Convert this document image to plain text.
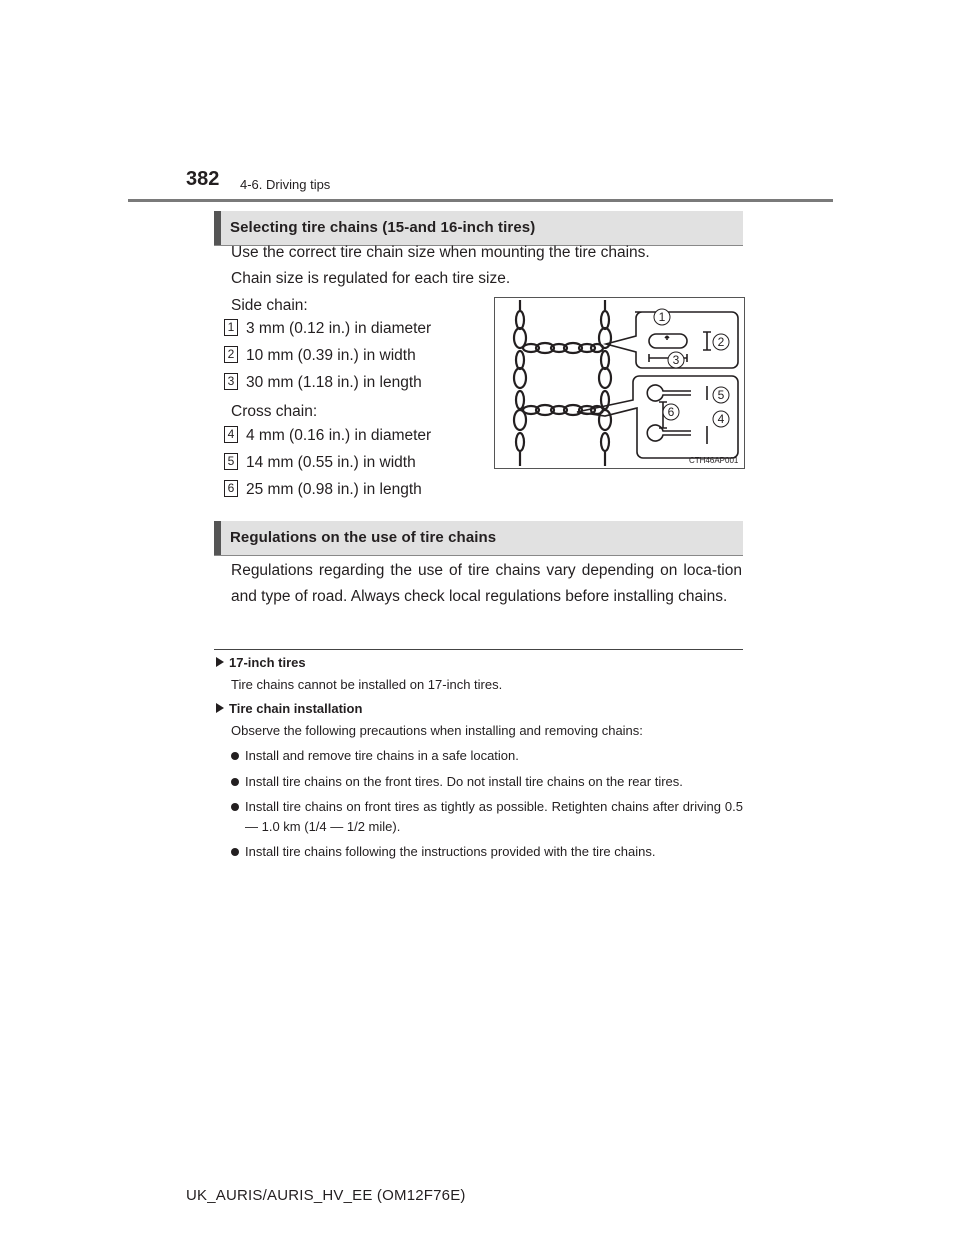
382 4-6. Driving tips
Selecting tire chains (15-and 16-inch tires)
Use the correct tire chain size when mounting the tire chains.
Chain size is regulated for each tire size.
Side chain:
1 3 mm (0.12 in.) in diameter
2 10 mm (0.39 in.) in width
3 30 mm (1.18 in.) in length
Cross chain:
4 4 mm (0.16 in.) in diameter
5 14 mm (0.55 in.) in width
6 25 mm (0.98 in.) in length
1
2
3
5
6	4
CTH46AP001
Regulations on the use of tire chains
Regulations regarding the use of tire chains vary depending on loca-tion and type of road. Always check local regulations before installing chains.
17-inch tires
Tire chains cannot be installed on 17-inch tires.
Tire chain installation
Observe the following precautions when installing and removing chains:
Install and remove tire chains in a safe location.
Install tire chains on the front tires. Do not install tire chains on the rear tires.
Install tire chains on front tires as tightly as possible. Retighten chains after driving 0.5 — 1.0 km (1/4 — 1/2 mile).
Install tire chains following the instructions provided with the tire chains.
UK_AURIS/AURIS_HV_EE (OM12F76E)
